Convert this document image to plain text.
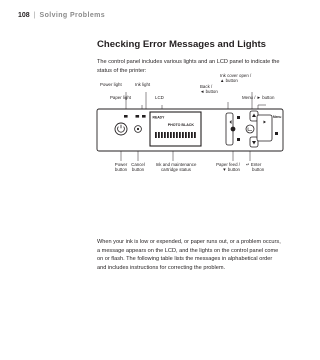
108 | Solving Problems
Checking Error Messages and Lights

The control panel includes various lights and an LCD panel to indicate the status of the printer:

READY
PHOTO BLACK
Menu
Power light	Ink light
Paper light	LCD
Back /
◄ button
Ink cover open /
▲ button
Menu / ► button
Power
button
Cancel
button
Ink and maintenance
cartridge status
Paper feed /
▼ button
↵ Enter
button

When your ink is low or expended, or paper runs out, or a problem occurs, a message appears on the LCD, and the lights on the control panel come on or flash. The following table lists the messages in alphabetical order and includes instructions for correcting the problem.
